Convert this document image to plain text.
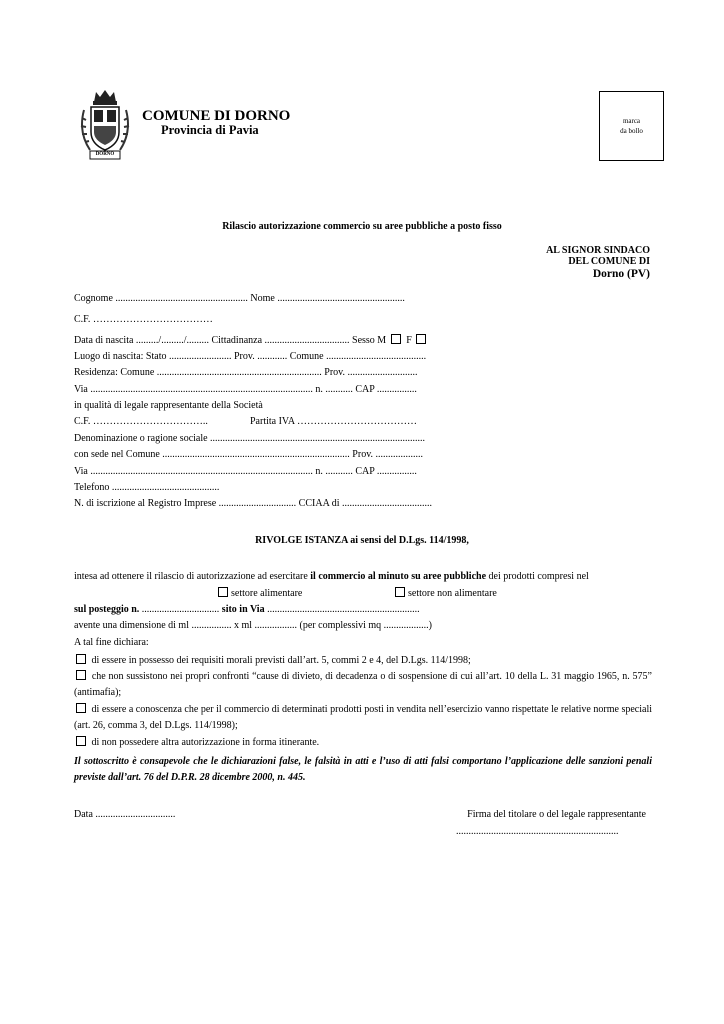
DORNO
COMUNE DI DORNO
Provincia di Pavia
marca
da bollo
Rilascio autorizzazione commercio su aree pubbliche a posto fisso
AL SIGNOR SINDACO
DEL COMUNE DI
Dorno (PV)
Cognome ..................................................... Nome ...................................................
C.F. ………………………………
Data di nascita ........./........./......... Cittadinanza .................................. Sesso M F
Luogo di nascita: Stato ......................... Prov. ............ Comune ........................................
Residenza: Comune .................................................................. Prov. ............................
Via ......................................................................................... n. ........... CAP ................
in qualità di legale rappresentante della Società
C.F. ……………………………..	Partita IVA ………………………………
Denominazione o ragione sociale ......................................................................................
con sede nel Comune ........................................................................... Prov. ...................
Via ......................................................................................... n. ........... CAP ................
Telefono ...........................................
N. di iscrizione al Registro Imprese ............................... CCIAA di ....................................
RIVOLGE ISTANZA ai sensi del D.Lgs. 114/1998,
intesa ad ottenere il rilascio di autorizzazione ad esercitare il commercio al minuto su aree pubbliche dei prodotti compresi nel
settore alimentare	settore non alimentare
sul posteggio n. ............................... sito in Via .............................................................
avente una dimensione di ml ................ x ml ................. (per complessivi mq ..................)
A tal fine dichiara:
di essere in possesso dei requisiti morali previsti dall’art. 5, commi 2 e 4, del D.Lgs. 114/1998;
che non sussistono nei propri confronti “cause di divieto, di decadenza o di sospensione di cui all’art. 10 della L. 31 maggio 1965, n. 575” (antimafia);
di essere a conoscenza che per il commercio di determinati prodotti posti in vendita nell’esercizio vanno rispettate le relative norme speciali (art. 26, comma 3, del D.Lgs. 114/1998);
di non possedere altra autorizzazione in forma itinerante.
Il sottoscritto è consapevole che le dichiarazioni false, le falsità in atti e l’uso di atti falsi comportano l’applicazione delle sanzioni penali previste dall’art. 76 del D.P.R. 28 dicembre 2000, n. 445.
Data ................................	Firma del titolare o del legale rappresentante
.................................................................
